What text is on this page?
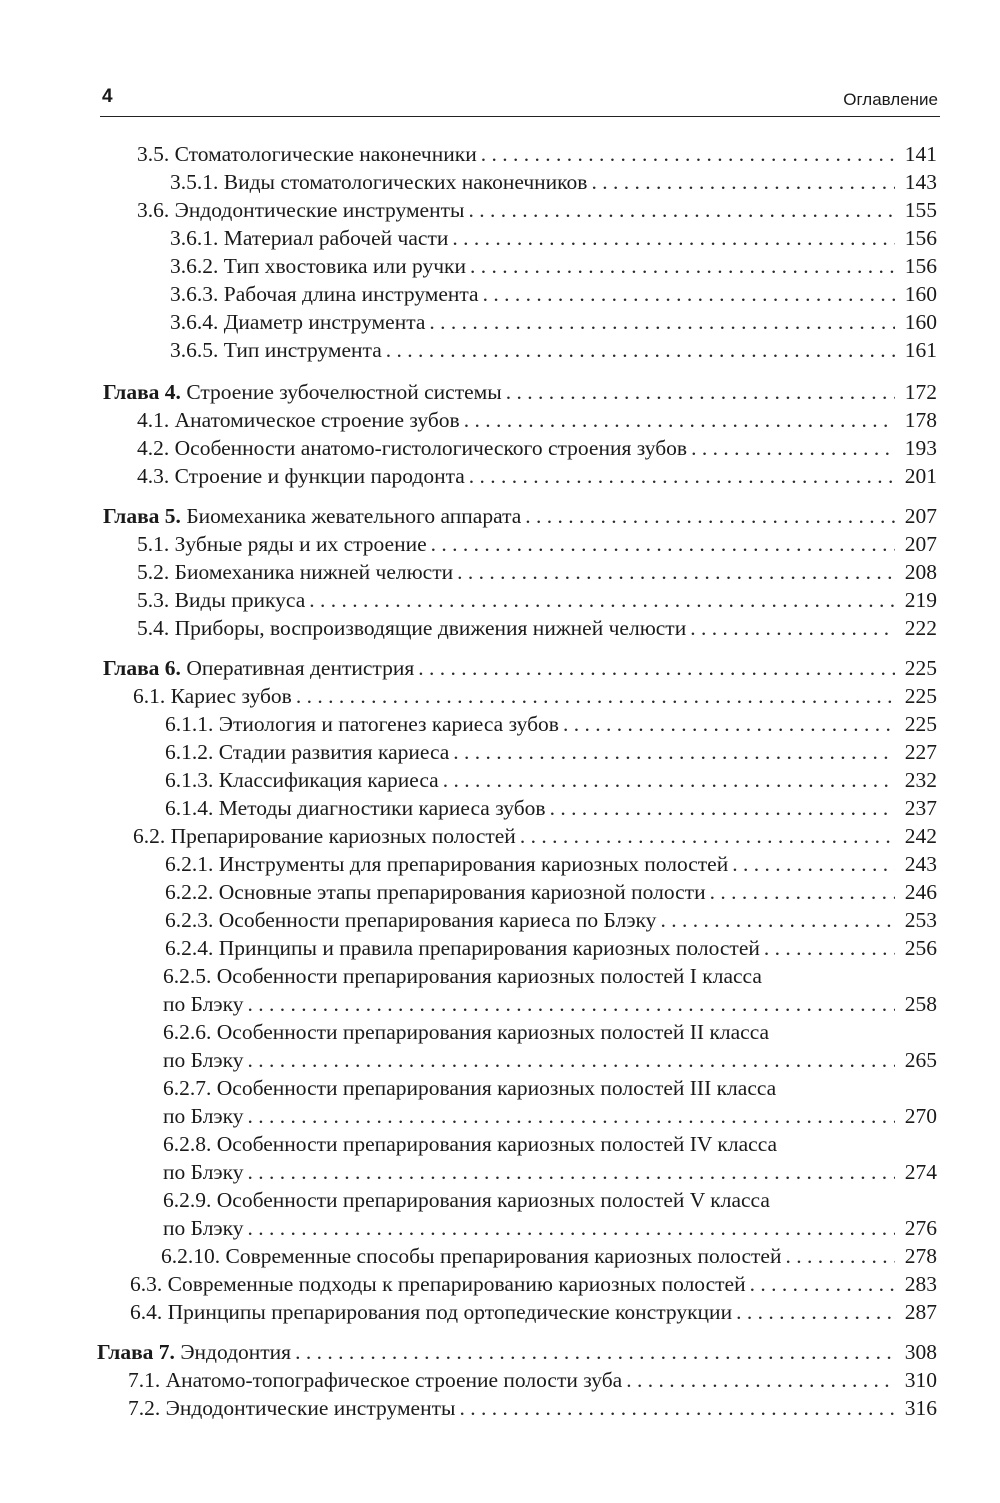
4	Оглавление
3.5. Стоматологические наконечники . . .	141
3.5.1. Виды стоматологических наконечников . . .	143
3.6. Эндодонтические инструменты . . .	155
3.6.1. Материал рабочей части . . .	156
3.6.2. Тип хвостовика или ручки . . .	156
3.6.3. Рабочая длина инструмента . . .	160
3.6.4. Диаметр инструмента . . .	160
3.6.5. Тип инструмента . . .	161
Глава 4. Строение зубочелюстной системы . . .	172
4.1. Анатомическое строение зубов . . .	178
4.2. Особенности анатомо-гистологического строения зубов . . .	193
4.3. Строение и функции пародонта . . .	201
Глава 5. Биомеханика жевательного аппарата . . .	207
5.1. Зубные ряды и их строение . . .	207
5.2. Биомеханика нижней челюсти . . .	208
5.3. Виды прикуса . . .	219
5.4. Приборы, воспроизводящие движения нижней челюсти . . .	222
Глава 6. Оперативная дентистрия . . .	225
6.1. Кариес зубов . . .	225
6.1.1. Этиология и патогенез кариеса зубов . . .	225
6.1.2. Стадии развития кариеса . . .	227
6.1.3. Классификация кариеса . . .	232
6.1.4. Методы диагностики кариеса зубов . . .	237
6.2. Препарирование кариозных полостей . . .	242
6.2.1. Инструменты для препарирования кариозных полостей . . .	243
6.2.2. Основные этапы препарирования кариозной полости . . .	246
6.2.3. Особенности препарирования кариеса по Блэку . . .	253
6.2.4. Принципы и правила препарирования кариозных полостей . . .	256
6.2.5. Особенности препарирования кариозных полостей I класса
по Блэку . . .	258
6.2.6. Особенности препарирования кариозных полостей II класса
по Блэку . . .	265
6.2.7. Особенности препарирования кариозных полостей III класса
по Блэку . . .	270
6.2.8. Особенности препарирования кариозных полостей IV класса
по Блэку . . .	274
6.2.9. Особенности препарирования кариозных полостей V класса
по Блэку . . .	276
6.2.10. Современные способы препарирования кариозных полостей . . .	278
6.3. Современные подходы к препарированию кариозных полостей . . .	283
6.4. Принципы препарирования под ортопедические конструкции . . .	287
Глава 7. Эндодонтия . . .	308
7.1. Анатомо-топографическое строение полости зуба . . .	310
7.2. Эндодонтические инструменты . . .	316
